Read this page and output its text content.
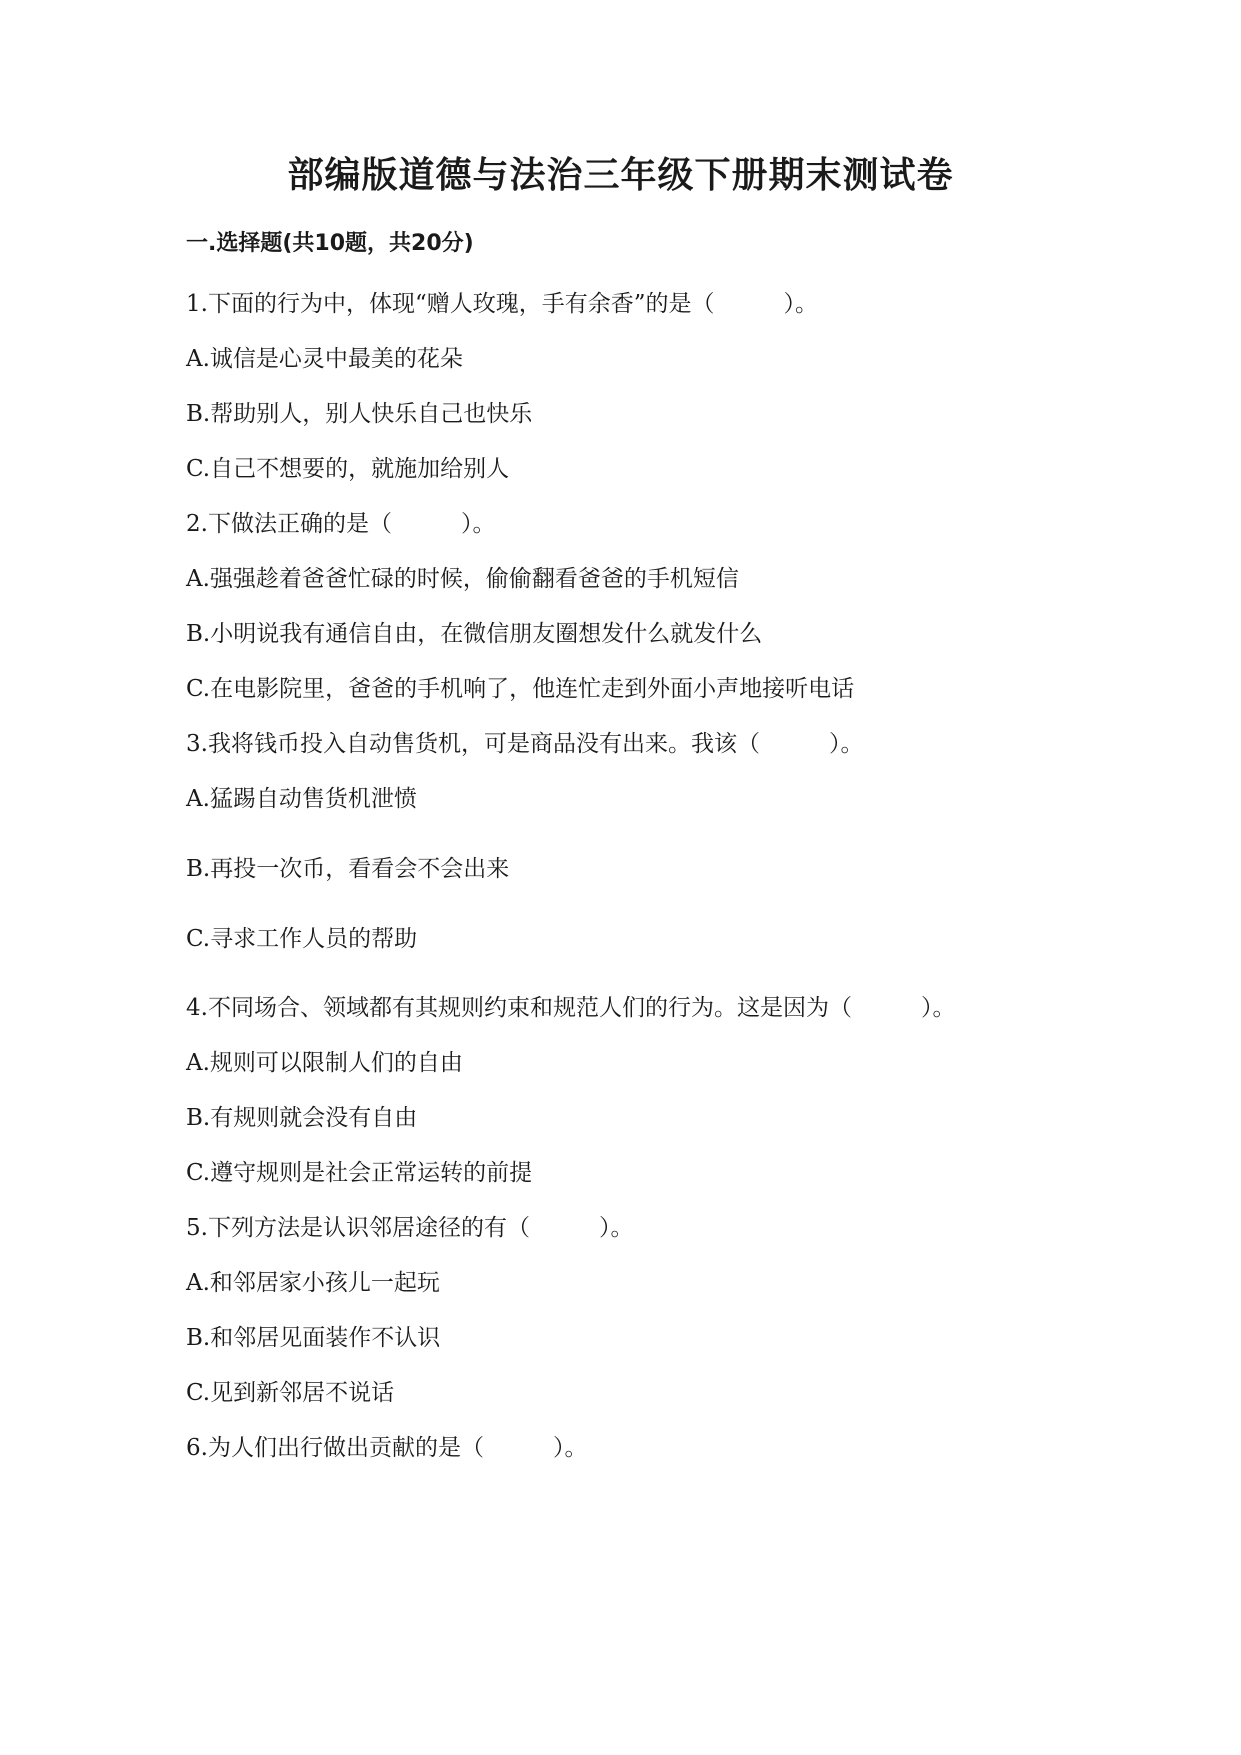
部编版道德与法治三年级下册期末测试卷
一.选择题(共10题，共20分)
1.下面的行为中，体现“赠人玫瑰，手有余香”的是（　　　）。
A.诚信是心灵中最美的花朵
B.帮助别人，别人快乐自己也快乐
C.自己不想要的，就施加给别人
2.下做法正确的是（　　　）。
A.强强趁着爸爸忙碌的时候，偷偷翻看爸爸的手机短信
B.小明说我有通信自由，在微信朋友圈想发什么就发什么
C.在电影院里，爸爸的手机响了，他连忙走到外面小声地接听电话
3.我将钱币投入自动售货机，可是商品没有出来。我该（　　　）。
A.猛踢自动售货机泄愤
B.再投一次币，看看会不会出来
C.寻求工作人员的帮助
4.不同场合、领域都有其规则约束和规范人们的行为。这是因为（　　　）。
A.规则可以限制人们的自由
B.有规则就会没有自由
C.遵守规则是社会正常运转的前提
5.下列方法是认识邻居途径的有（　　　）。
A.和邻居家小孩儿一起玩
B.和邻居见面装作不认识
C.见到新邻居不说话
6.为人们出行做出贡献的是（　　　）。
